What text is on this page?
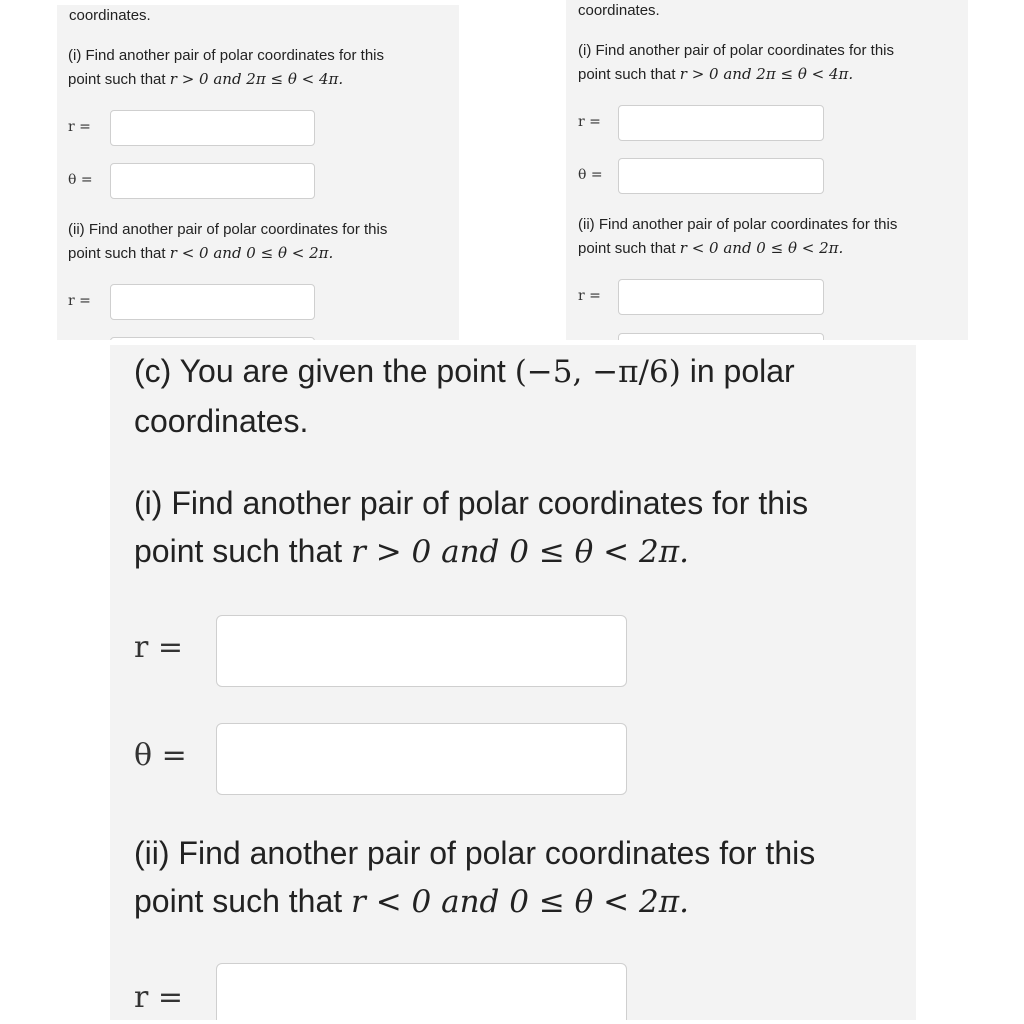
coordinates.
(i) Find another pair of polar coordinates for this
point such that r > 0 and 2π ≤ θ < 4π.
r =
θ =
(ii) Find another pair of polar coordinates for this
point such that r < 0 and 0 ≤ θ < 2π.
r =
coordinates.
(i) Find another pair of polar coordinates for this
point such that r > 0 and 2π ≤ θ < 4π.
r =
θ =
(ii) Find another pair of polar coordinates for this
point such that r < 0 and 0 ≤ θ < 2π.
r =
(c) You are given the point (−5, −π/6) in polar
coordinates.
(i) Find another pair of polar coordinates for this
point such that r > 0 and 0 ≤ θ < 2π.
r =
θ =
(ii) Find another pair of polar coordinates for this
point such that r < 0 and 0 ≤ θ < 2π.
r =
